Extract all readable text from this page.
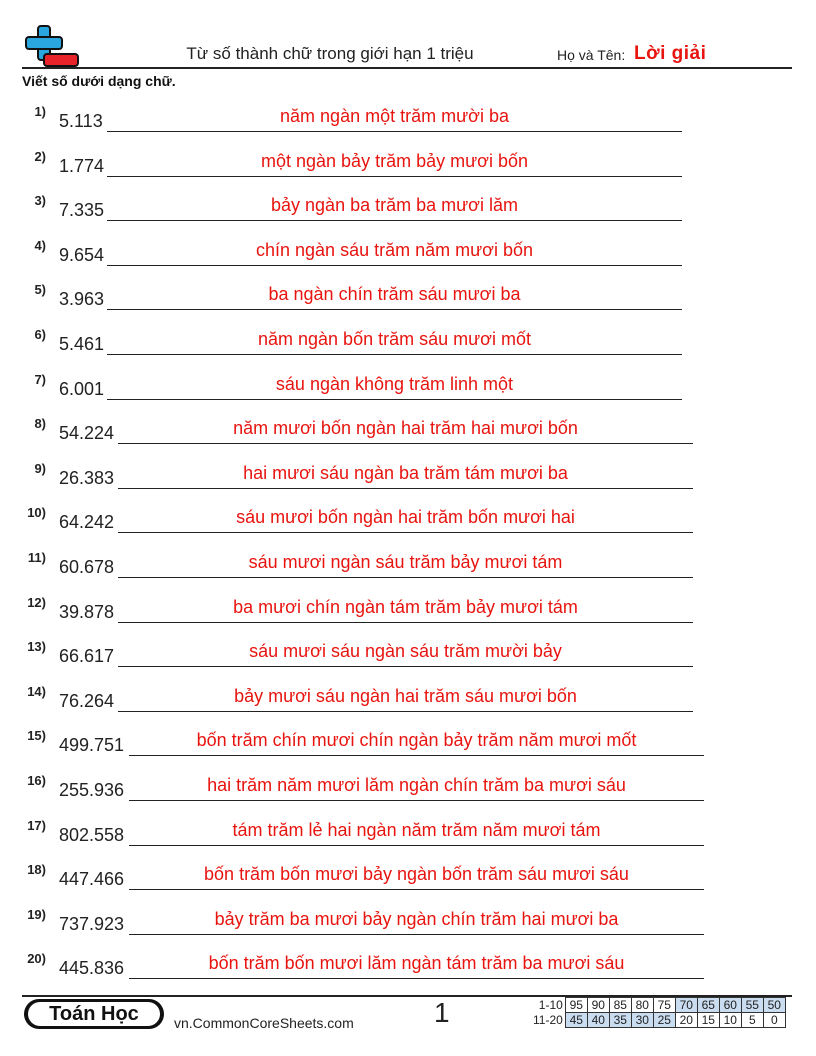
Từ số thành chữ trong giới hạn 1 triệu	Họ và Tên: Lời giải
Viết số dưới dạng chữ.
1) 5.113	năm ngàn một trăm mười ba
2) 1.774	một ngàn bảy trăm bảy mươi bốn
3) 7.335	bảy ngàn ba trăm ba mươi lăm
4) 9.654	chín ngàn sáu trăm năm mươi bốn
5) 3.963	ba ngàn chín trăm sáu mươi ba
6) 5.461	năm ngàn bốn trăm sáu mươi mốt
7) 6.001	sáu ngàn không trăm linh một
8) 54.224	năm mươi bốn ngàn hai trăm hai mươi bốn
9) 26.383	hai mươi sáu ngàn ba trăm tám mươi ba
10) 64.242	sáu mươi bốn ngàn hai trăm bốn mươi hai
11) 60.678	sáu mươi ngàn sáu trăm bảy mươi tám
12) 39.878	ba mươi chín ngàn tám trăm bảy mươi tám
13) 66.617	sáu mươi sáu ngàn sáu trăm mười bảy
14) 76.264	bảy mươi sáu ngàn hai trăm sáu mươi bốn
15) 499.751	bốn trăm chín mươi chín ngàn bảy trăm năm mươi mốt
16) 255.936	hai trăm năm mươi lăm ngàn chín trăm ba mươi sáu
17) 802.558	tám trăm lẻ hai ngàn năm trăm năm mươi tám
18) 447.466	bốn trăm bốn mươi bảy ngàn bốn trăm sáu mươi sáu
19) 737.923	bảy trăm ba mươi bảy ngàn chín trăm hai mươi ba
20) 445.836	bốn trăm bốn mươi lăm ngàn tám trăm ba mươi sáu
Toán Học	vn.CommonCoreSheets.com	1	1-10	95	90	85	80	75	70	65	60	55	50
11-20	45	40	35	30	25	20	15	10	5	0
